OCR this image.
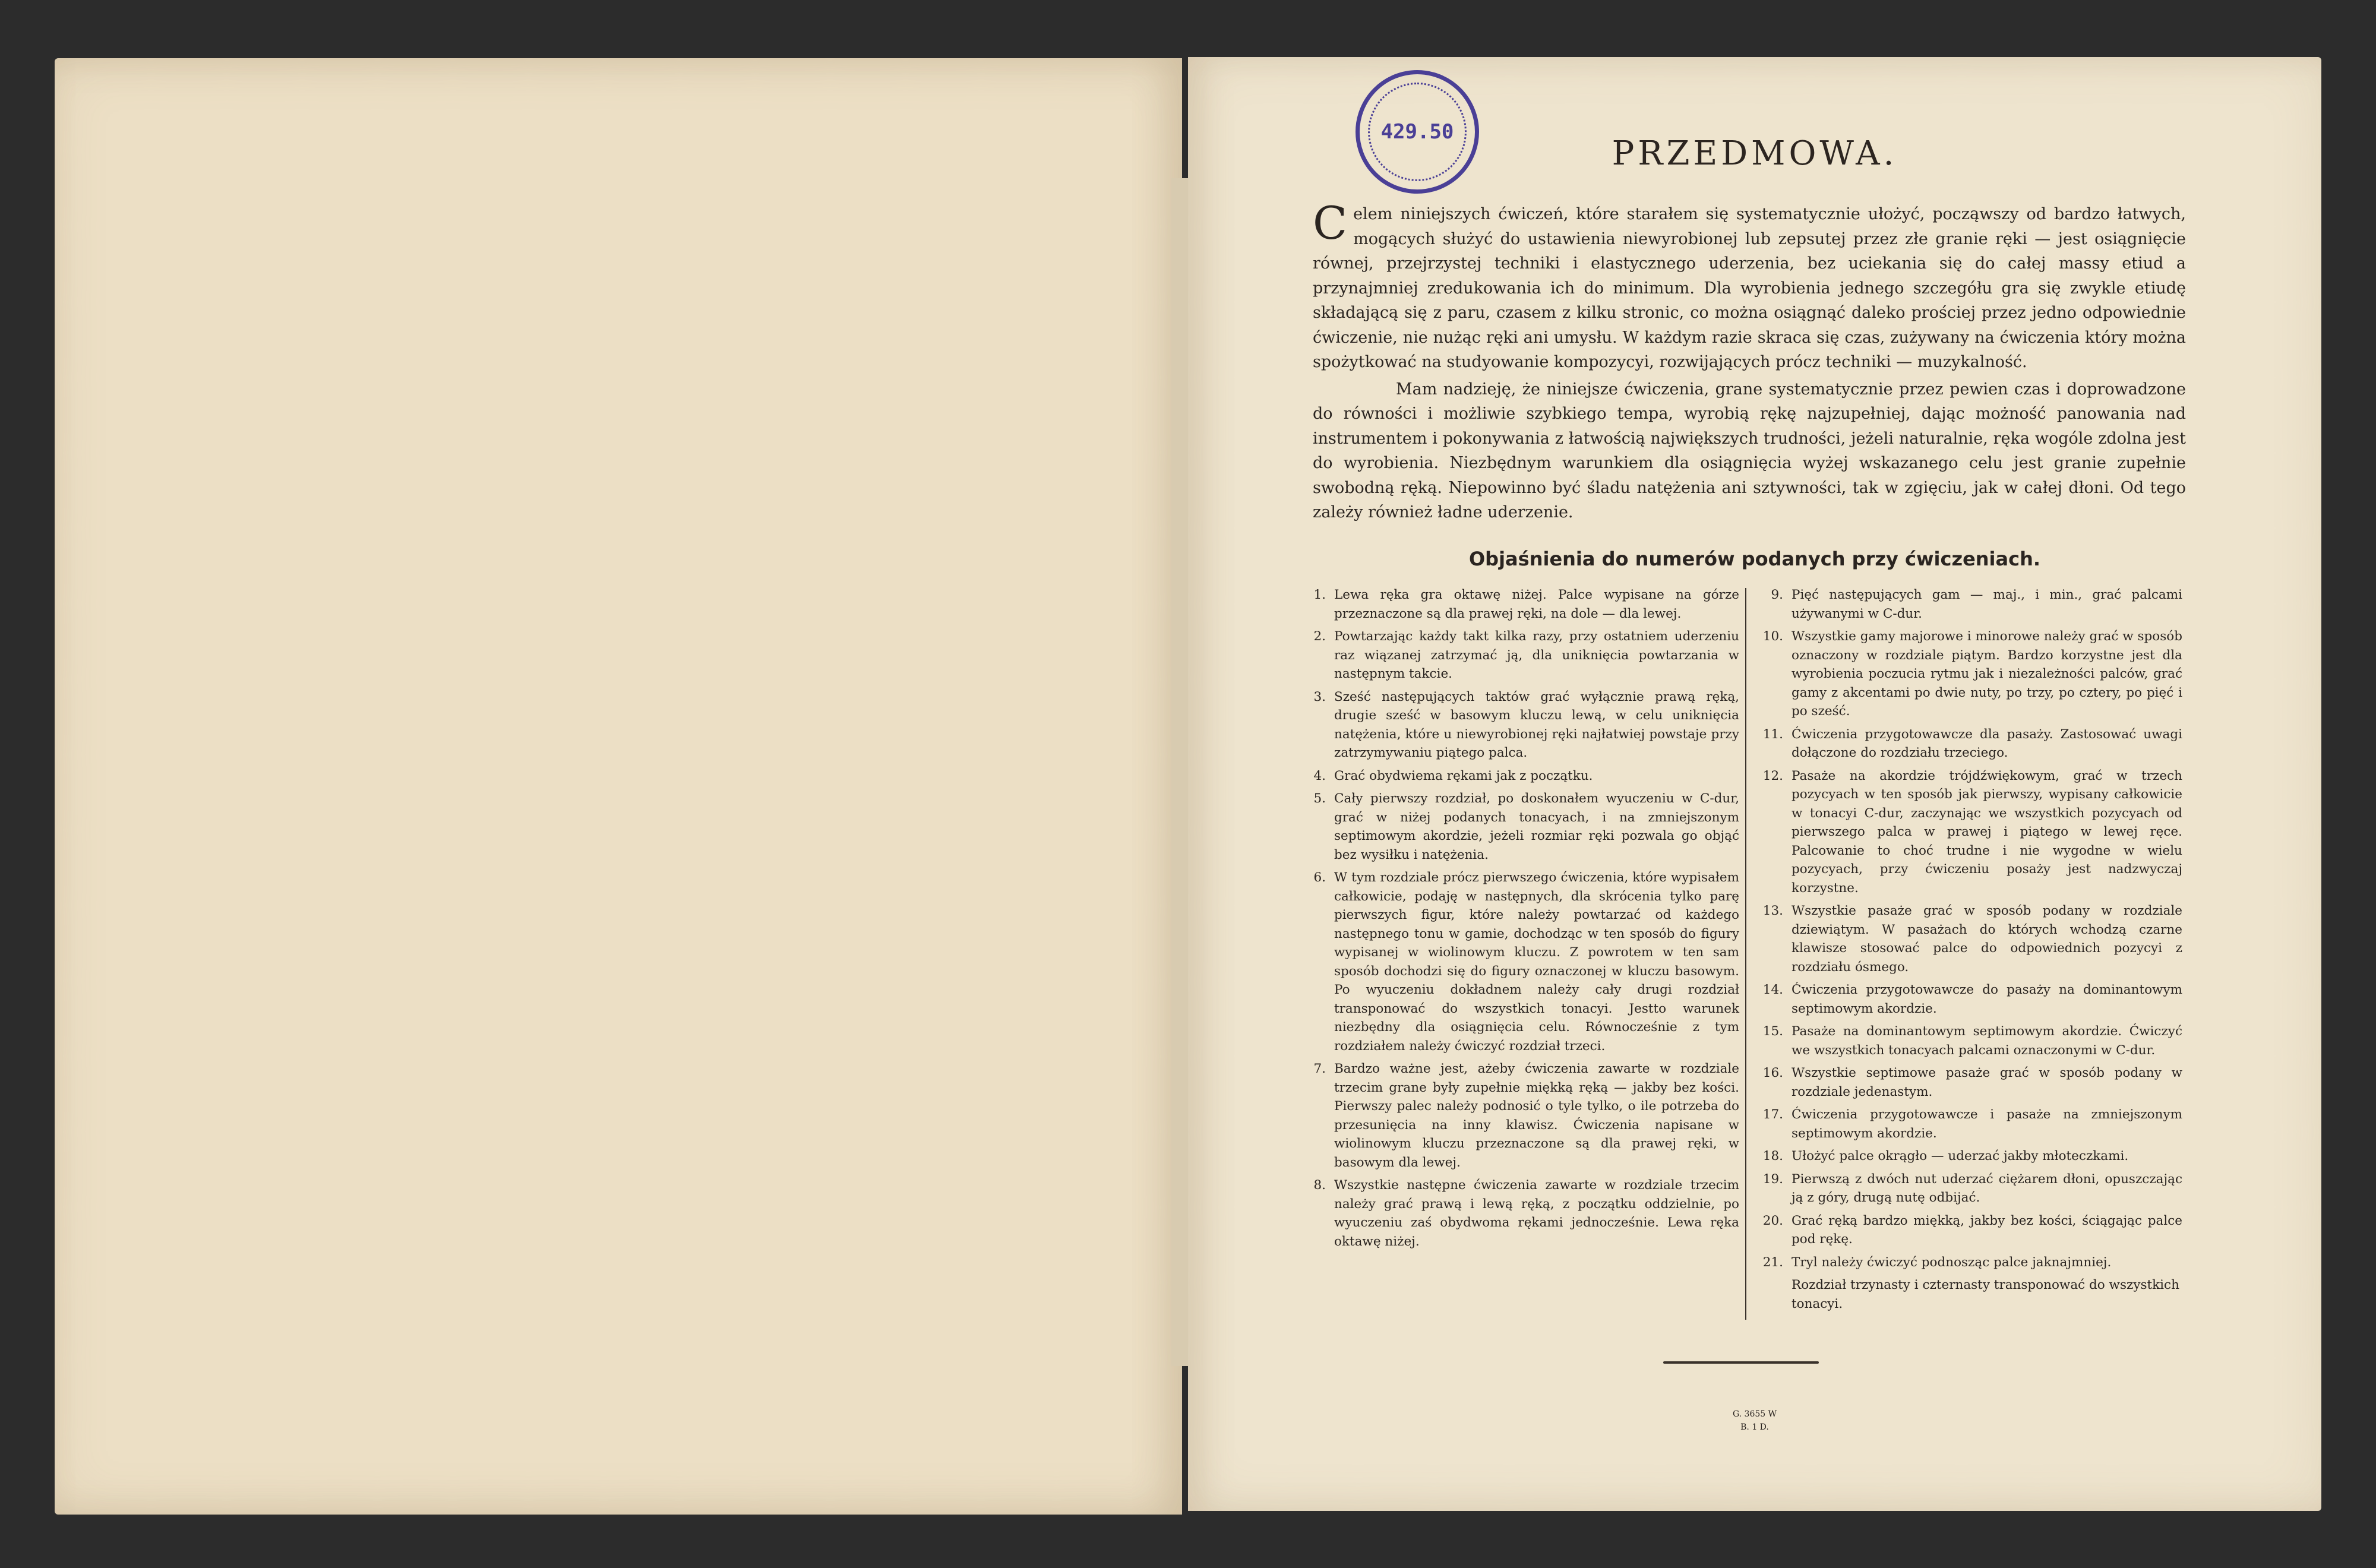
429.50
PRZEDMOWA.

Celem niniejszych ćwiczeń, które starałem się systematycznie ułożyć, począwszy od bardzo łatwych, mogących służyć do ustawienia niewyrobionej lub zepsutej przez złe granie ręki — jest osiągnięcie równej, przejrzystej techniki i elastycznego uderzenia, bez uciekania się do całej massy etiud a przynajmniej zredukowania ich do minimum. Dla wyrobienia jednego szczegółu gra się zwykle etiudę składającą się z paru, czasem z kilku stronic, co można osiągnąć daleko prościej przez jedno odpowiednie ćwiczenie, nie nużąc ręki ani umysłu. W każdym razie skraca się czas, zużywany na ćwiczenia który można spożytkować na studyowanie kompozycyi, rozwijających prócz techniki — muzykalność.

Mam nadzieję, że niniejsze ćwiczenia, grane systematycznie przez pewien czas i doprowadzone do równości i możliwie szybkiego tempa, wyrobią rękę najzupełniej, dając możność panowania nad instrumentem i pokonywania z łatwością największych trudności, jeżeli naturalnie, ręka wogóle zdolna jest do wyrobienia. Niezbędnym warunkiem dla osiągnięcia wyżej wskazanego celu jest granie zupełnie swobodną ręką. Niepowinno być śladu natężenia ani sztywności, tak w zgięciu, jak w całej dłoni. Od tego zależy również ładne uderzenie.

Objaśnienia do numerów podanych przy ćwiczeniach.
1. Lewa ręka gra oktawę niżej. Palce wypisane na górze przeznaczone są dla prawej ręki, na dole — dla lewej.
2. Powtarzając każdy takt kilka razy, przy ostatniem uderzeniu raz wiązanej zatrzymać ją, dla uniknięcia powtarzania w następnym takcie.
3. Sześć następujących taktów grać wyłącznie prawą ręką, drugie sześć w basowym kluczu lewą, w celu uniknięcia natężenia, które u niewyrobionej ręki najłatwiej powstaje przy zatrzymywaniu piątego palca.
4. Grać obydwiema rękami jak z początku.
5. Cały pierwszy rozdział, po doskonałem wyuczeniu w C-dur, grać w niżej podanych tonacyach, i na zmniejszonym septimowym akordzie, jeżeli rozmiar ręki pozwala go objąć bez wysiłku i natężenia.
6. W tym rozdziale prócz pierwszego ćwiczenia, które wypisałem całkowicie, podaję w następnych, dla skrócenia tylko parę pierwszych figur, które należy powtarzać od każdego następnego tonu w gamie, dochodząc w ten sposób do figury wypisanej w wiolinowym kluczu. Z powrotem w ten sam sposób dochodzi się do figury oznaczonej w kluczu basowym. Po wyuczeniu dokładnem należy cały drugi rozdział transponować do wszystkich tonacyi. Jestto warunek niezbędny dla osiągnięcia celu. Równocześnie z tym rozdziałem należy ćwiczyć rozdział trzeci.
7. Bardzo ważne jest, ażeby ćwiczenia zawarte w rozdziale trzecim grane były zupełnie miękką ręką — jakby bez kości. Pierwszy palec należy podnosić o tyle tylko, o ile potrzeba do przesunięcia na inny klawisz. Ćwiczenia napisane w wiolinowym kluczu przeznaczone są dla prawej ręki, w basowym dla lewej.
8. Wszystkie następne ćwiczenia zawarte w rozdziale trzecim należy grać prawą i lewą ręką, z początku oddzielnie, po wyuczeniu zaś obydwoma rękami jednocześnie. Lewa ręka oktawę niżej.
9. Pięć następujących gam — maj., i min., grać palcami używanymi w C-dur.
10. Wszystkie gamy majorowe i minorowe należy grać w sposób oznaczony w rozdziale piątym. Bardzo korzystne jest dla wyrobienia poczucia rytmu jak i niezależności palców, grać gamy z akcentami po dwie nuty, po trzy, po cztery, po pięć i po sześć.
11. Ćwiczenia przygotowawcze dla pasaży. Zastosować uwagi dołączone do rozdziału trzeciego.
12. Pasaże na akordzie trójdźwiękowym, grać w trzech pozycyach w ten sposób jak pierwszy, wypisany całkowicie w tonacyi C-dur, zaczynając we wszystkich pozycyach od pierwszego palca w prawej i piątego w lewej ręce. Palcowanie to choć trudne i nie wygodne w wielu pozycyach, przy ćwiczeniu posaży jest nadzwyczaj korzystne.
13. Wszystkie pasaże grać w sposób podany w rozdziale dziewiątym. W pasażach do których wchodzą czarne klawisze stosować palce do odpowiednich pozycyi z rozdziału ósmego.
14. Ćwiczenia przygotowawcze do pasaży na dominantowym septimowym akordzie.
15. Pasaże na dominantowym septimowym akordzie. Ćwiczyć we wszystkich tonacyach palcami oznaczonymi w C-dur.
16. Wszystkie septimowe pasaże grać w sposób podany w rozdziale jedenastym.
17. Ćwiczenia przygotowawcze i pasaże na zmniejszonym septimowym akordzie.
18. Ułożyć palce okrągło — uderzać jakby młoteczkami.
19. Pierwszą z dwóch nut uderzać ciężarem dłoni, opuszczając ją z góry, drugą nutę odbijać.
20. Grać ręką bardzo miękką, jakby bez kości, ściągając palce pod rękę.
21. Tryl należy ćwiczyć podnosząc palce jaknajmniej.
Rozdział trzynasty i czternasty transponować do wszystkich tonacyi.
G. 3655 W
B. 1 D.
